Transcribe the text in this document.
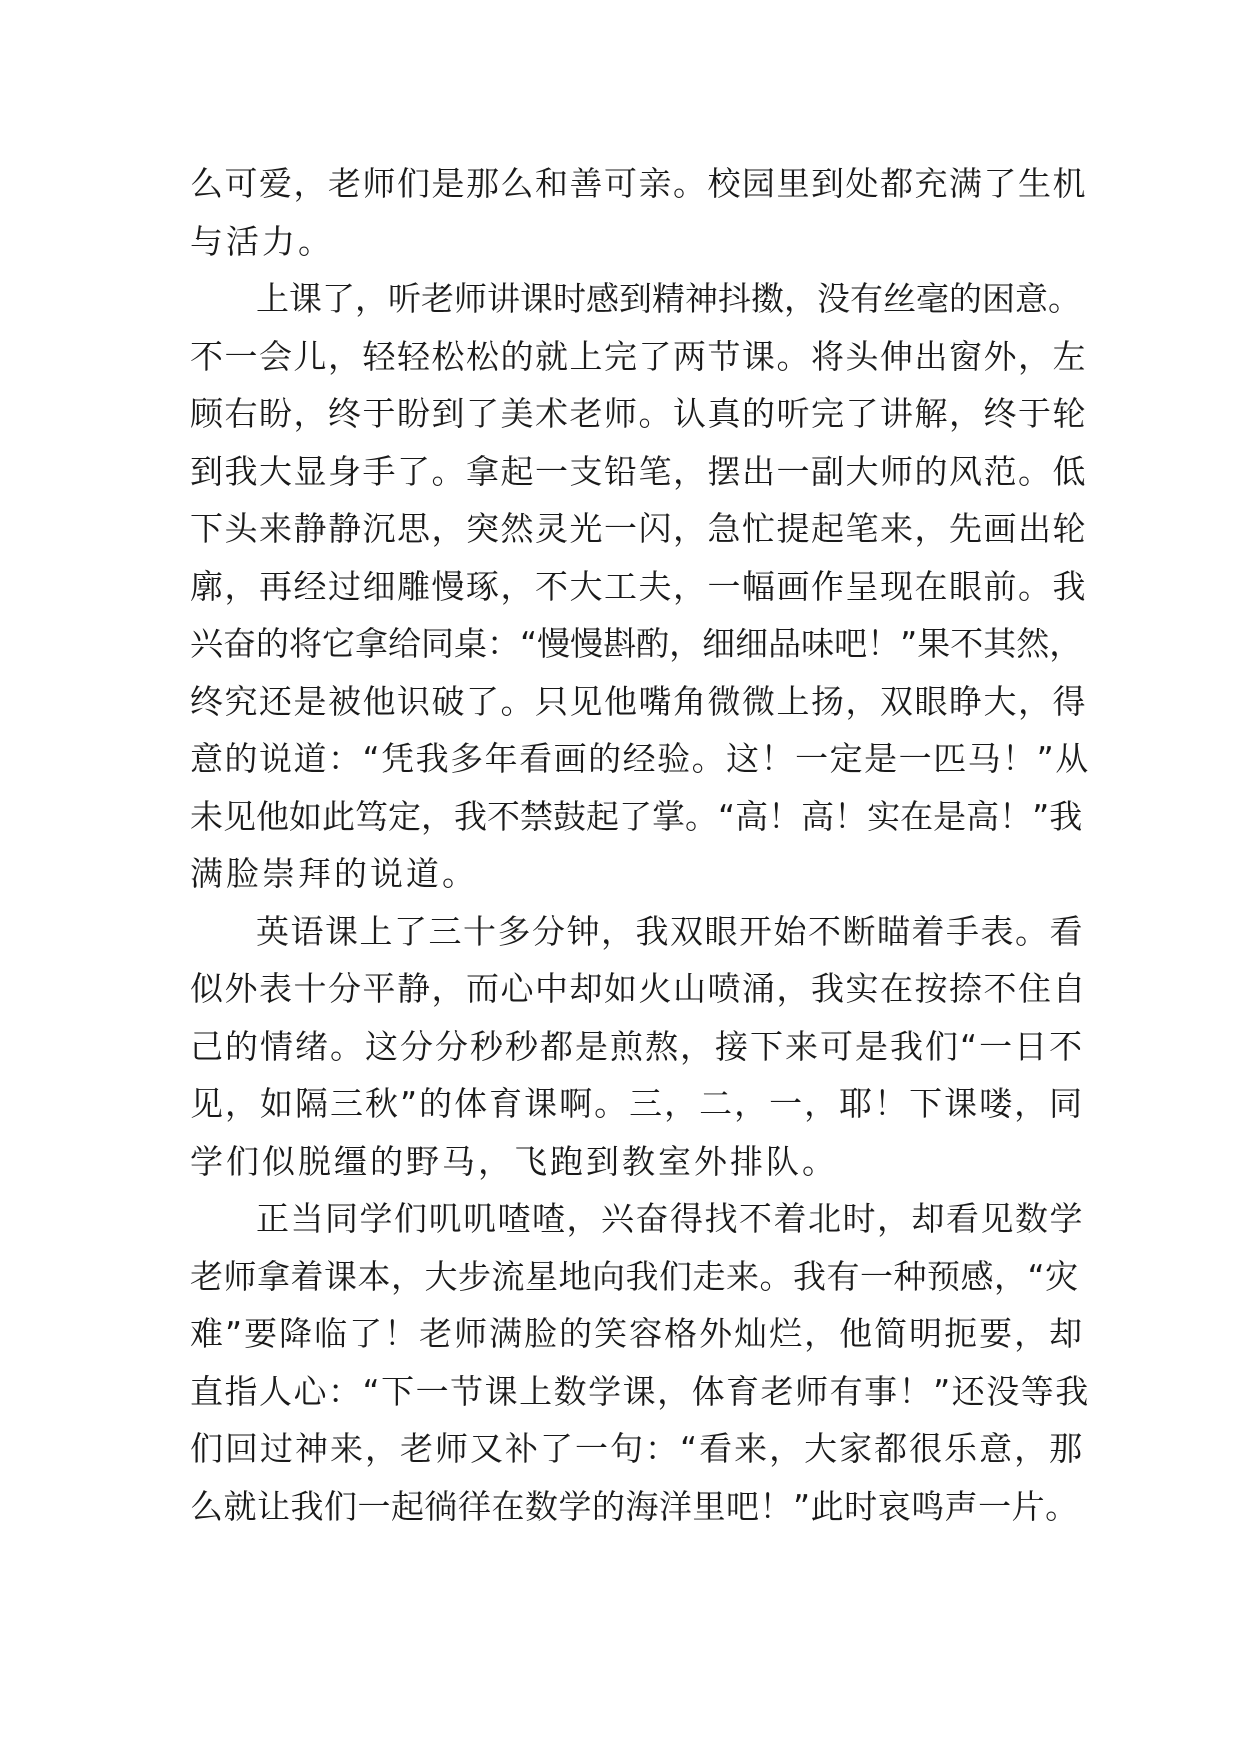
么可爱，老师们是那么和善可亲。校园里到处都充满了生机
与活力。
上课了，听老师讲课时感到精神抖擞，没有丝毫的困意。
不一会儿，轻轻松松的就上完了两节课。将头伸出窗外，左
顾右盼，终于盼到了美术老师。认真的听完了讲解，终于轮
到我大显身手了。拿起一支铅笔，摆出一副大师的风范。低
下头来静静沉思，突然灵光一闪，急忙提起笔来，先画出轮
廓，再经过细雕慢琢，不大工夫，一幅画作呈现在眼前。我
兴奋的将它拿给同桌：“慢慢斟酌，细细品味吧！”果不其然，
终究还是被他识破了。只见他嘴角微微上扬，双眼睁大，得
意的说道：“凭我多年看画的经验。这！一定是一匹马！”从
未见他如此笃定，我不禁鼓起了掌。“高！高！实在是高！”我
满脸崇拜的说道。
英语课上了三十多分钟，我双眼开始不断瞄着手表。看
似外表十分平静，而心中却如火山喷涌，我实在按捺不住自
己的情绪。这分分秒秒都是煎熬，接下来可是我们“一日不
见，如隔三秋”的体育课啊。三，二，一，耶！下课喽，同
学们似脱缰的野马，飞跑到教室外排队。
正当同学们叽叽喳喳，兴奋得找不着北时，却看见数学
老师拿着课本，大步流星地向我们走来。我有一种预感，“灾
难”要降临了！老师满脸的笑容格外灿烂，他简明扼要，却
直指人心：“下一节课上数学课，体育老师有事！”还没等我
们回过神来，老师又补了一句：“看来，大家都很乐意，那
么就让我们一起徜徉在数学的海洋里吧！”此时哀鸣声一片。
